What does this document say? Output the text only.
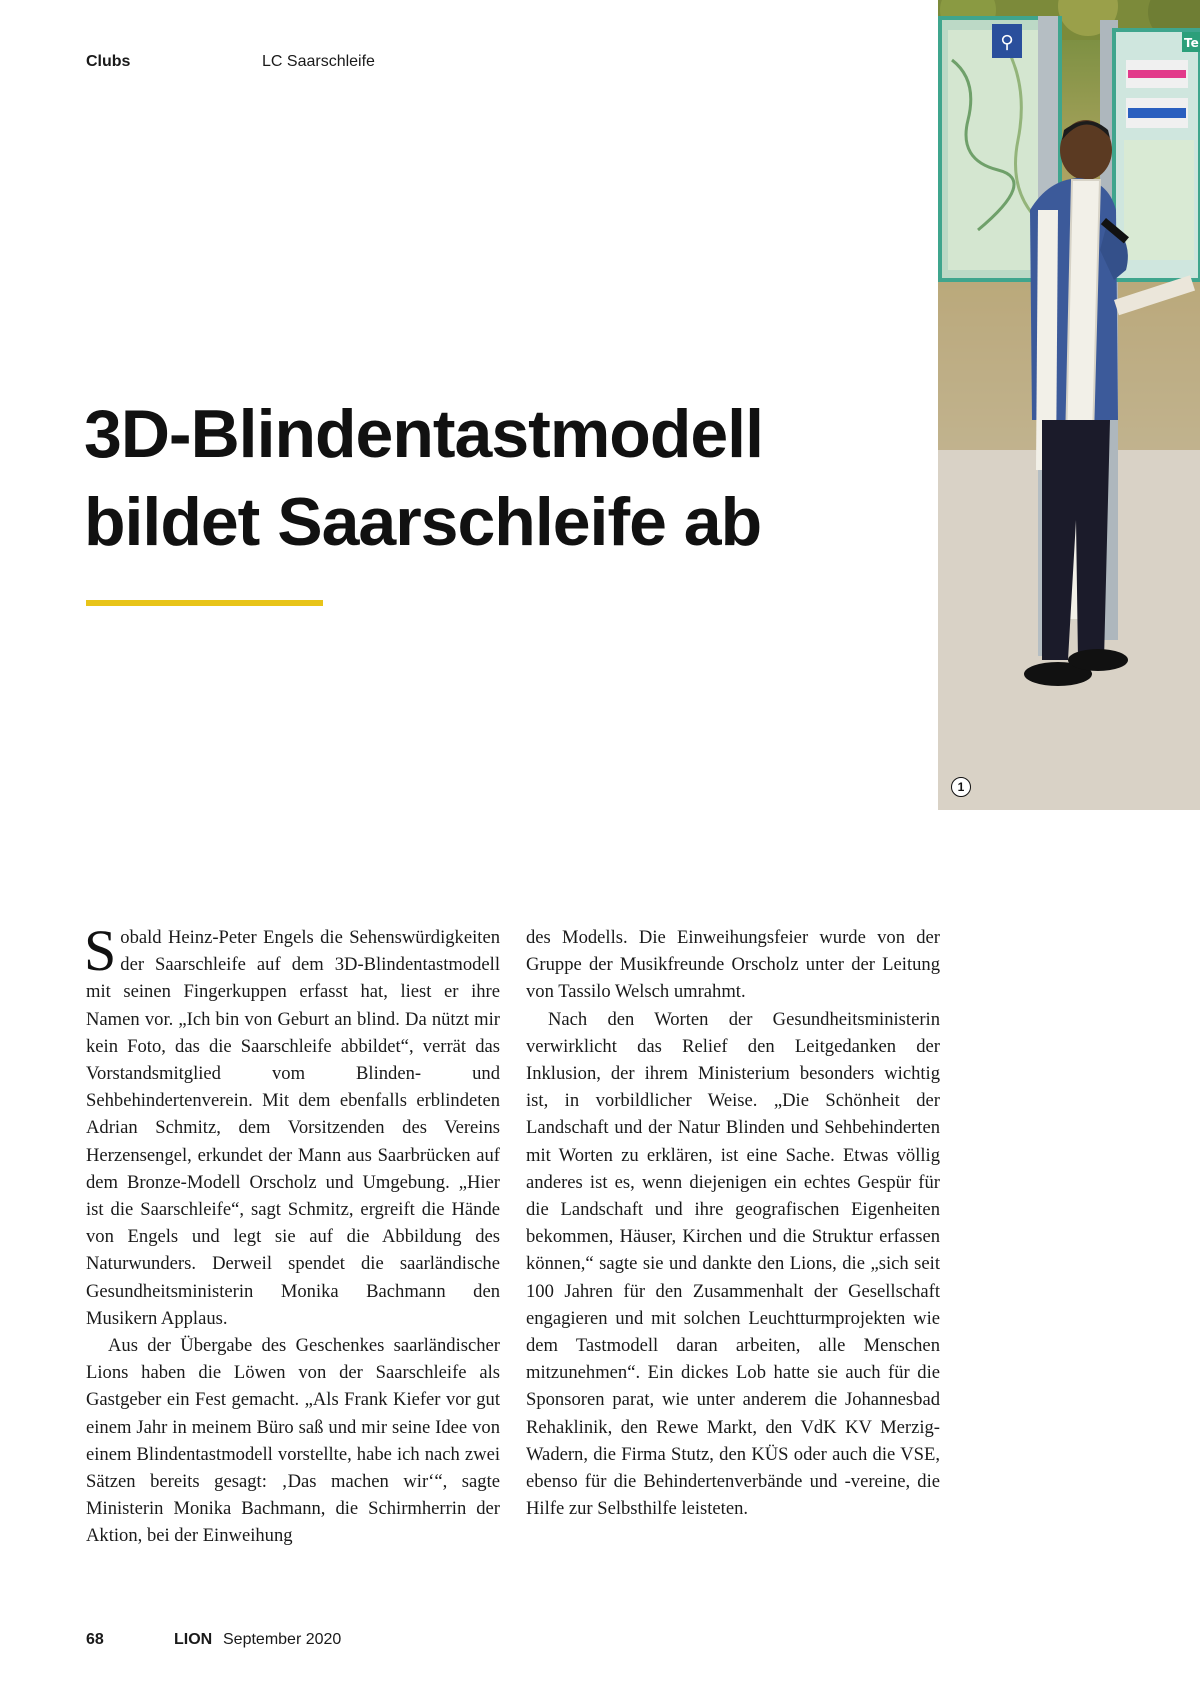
Clubs	LC Saarschleife
3D-Blindentastmodell
bildet Saarschleife ab
⚲	Te
1

Sobald Heinz-Peter Engels die Sehenswürdigkeiten der Saarschleife auf dem 3D-Blindentastmodell mit seinen Fingerkuppen erfasst hat, liest er ihre Namen vor. „Ich bin von Geburt an blind. Da nützt mir kein Foto, das die Saarschleife abbildet“, verrät das Vorstandsmitglied vom Blinden- und Sehbehindertenverein. Mit dem ebenfalls erblindeten Adrian Schmitz, dem Vorsitzenden des Vereins Herzensengel, erkundet der Mann aus Saarbrücken auf dem Bronze-Modell Orscholz und Umgebung. „Hier ist die Saarschleife“, sagt Schmitz, ergreift die Hände von Engels und legt sie auf die Abbildung des Naturwunders. Derweil spendet die saarländische Gesundheitsministerin Monika Bachmann den Musikern Applaus.

Aus der Übergabe des Geschenkes saarländischer Lions haben die Löwen von der Saarschleife als Gastgeber ein Fest gemacht. „Als Frank Kiefer vor gut einem Jahr in meinem Büro saß und mir seine Idee von einem Blindentastmodell vorstellte, habe ich nach zwei Sätzen bereits gesagt: ‚Das machen wir‘“, sagte Ministerin Monika Bachmann, die Schirmherrin der Aktion, bei der Einweihung

des Modells. Die Einweihungsfeier wurde von der Gruppe der Musikfreunde Orscholz unter der Leitung von Tassilo Welsch umrahmt.

Nach den Worten der Gesundheitsministerin verwirklicht das Relief den Leitgedanken der Inklusion, der ihrem Ministerium besonders wichtig ist, in vorbildlicher Weise. „Die Schönheit der Landschaft und der Natur Blinden und Sehbehinderten mit Worten zu erklären, ist eine Sache. Etwas völlig anderes ist es, wenn diejenigen ein echtes Gespür für die Landschaft und ihre geografischen Eigenheiten bekommen, Häuser, Kirchen und die Struktur erfassen können,“ sagte sie und dankte den Lions, die „sich seit 100 Jahren für den Zusammenhalt der Gesellschaft engagieren und mit solchen Leuchtturmprojekten wie dem Tastmodell daran arbeiten, alle Menschen mitzunehmen“. Ein dickes Lob hatte sie auch für die Sponsoren parat, wie unter anderem die Johannesbad Rehaklinik, den Rewe Markt, den VdK KV Merzig-Wadern, die Firma Stutz, den KÜS oder auch die VSE, ebenso für die Behindertenverbände und -vereine, die Hilfe zur Selbsthilfe leisteten.

68	LION September 2020
